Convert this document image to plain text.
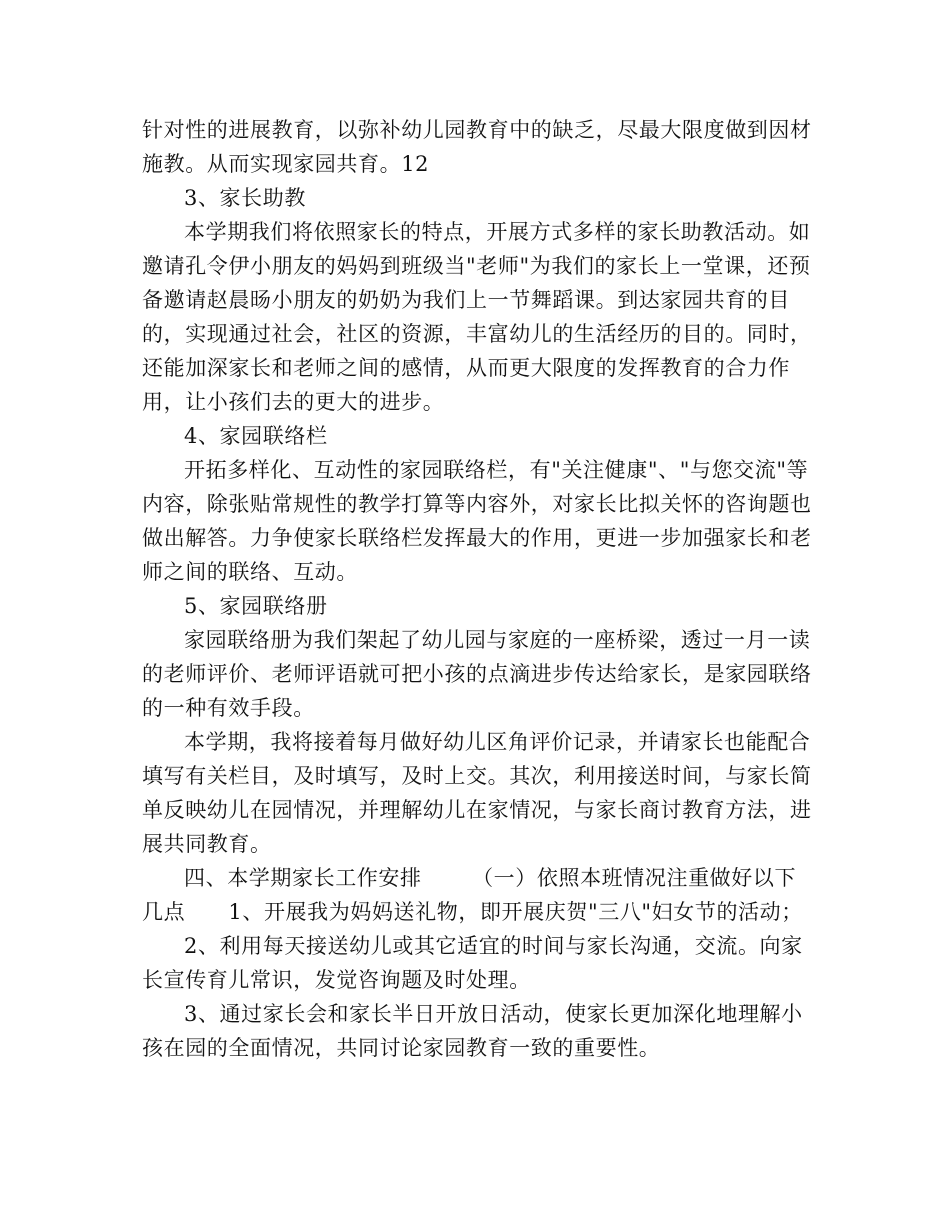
针对性的进展教育，以弥补幼儿园教育中的缺乏，尽最大限度做到因材施教。从而实现家园共育。12

3、家长助教

本学期我们将依照家长的特点，开展方式多样的家长助教活动。如邀请孔令伊小朋友的妈妈到班级当"老师"为我们的家长上一堂课，还预备邀请赵晨旸小朋友的奶奶为我们上一节舞蹈课。到达家园共育的目的，实现通过社会，社区的资源，丰富幼儿的生活经历的目的。同时，还能加深家长和老师之间的感情，从而更大限度的发挥教育的合力作用，让小孩们去的更大的进步。

4、家园联络栏

开拓多样化、互动性的家园联络栏，有"关注健康"、"与您交流"等内容，除张贴常规性的教学打算等内容外，对家长比拟关怀的咨询题也做出解答。力争使家长联络栏发挥最大的作用，更进一步加强家长和老师之间的联络、互动。

5、家园联络册

家园联络册为我们架起了幼儿园与家庭的一座桥梁，透过一月一读的老师评价、老师评语就可把小孩的点滴进步传达给家长，是家园联络的一种有效手段。

本学期，我将接着每月做好幼儿区角评价记录，并请家长也能配合填写有关栏目，及时填写，及时上交。其次，利用接送时间，与家长简单反映幼儿在园情况，并理解幼儿在家情况，与家长商讨教育方法，进展共同教育。

四、本学期家长工作安排　　 （一）依照本班情况注重做好以下几点　　1、开展我为妈妈送礼物，即开展庆贺"三八"妇女节的活动；

2、利用每天接送幼儿或其它适宜的时间与家长沟通，交流。向家长宣传育儿常识，发觉咨询题及时处理。

3、通过家长会和家长半日开放日活动，使家长更加深化地理解小孩在园的全面情况，共同讨论家园教育一致的重要性。
